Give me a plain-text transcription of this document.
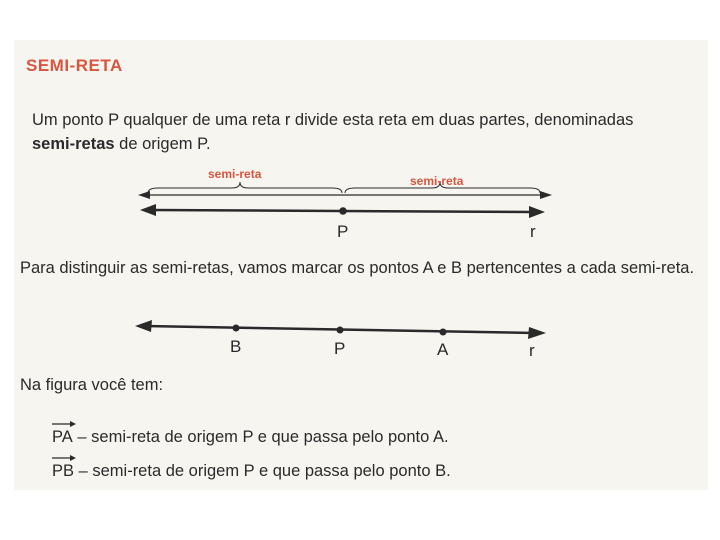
SEMI-RETA
Um ponto P qualquer de uma reta r divide esta reta em duas partes, denominadas
semi-retas de origem P.
semi-reta	semi-reta
P	r
B	P	A	r
Para distinguir as semi-retas, vamos marcar os pontos A e B pertencentes a cada semi-reta.
Na figura você tem:
PA – semi-reta de origem P e que passa pelo ponto A.
PB – semi-reta de origem P e que passa pelo ponto B.
